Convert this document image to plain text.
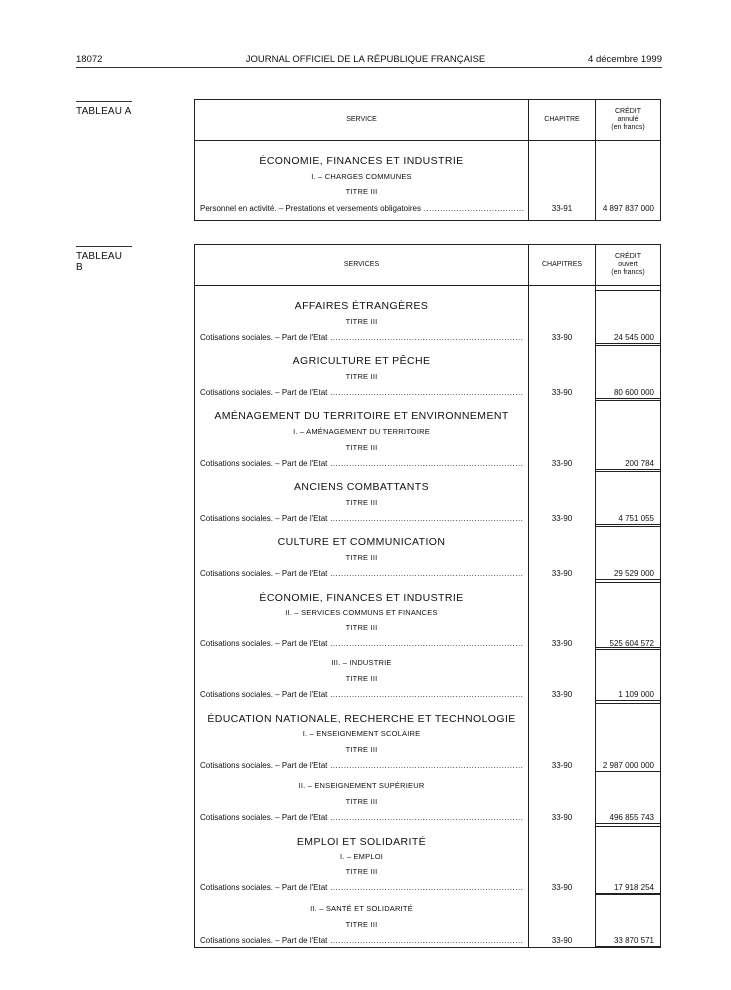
18072	JOURNAL OFFICIEL DE LA RÉPUBLIQUE FRANÇAISE	4 décembre 1999
TABLEAU A
SERVICE	CHAPITRE
CRÉDIT
annulé
(en francs)
ÉCONOMIE, FINANCES ET INDUSTRIE
I. – CHARGES COMMUNES
TITRE III
Personnel en activité. – Prestations et versements obligatoires .....	33-91	4 897 837 000
TABLEAU B	SERVICES	CHAPITRES
CRÉDIT
ouvert
(en francs)
AFFAIRES ÉTRANGÈRES
TITRE III
Cotisations sociales. – Part de l'Etat .....	33-90	24 545 000
AGRICULTURE ET PÊCHE
TITRE III
Cotisations sociales. – Part de l'Etat .....	33-90	80 600 000
AMÉNAGEMENT DU TERRITOIRE ET ENVIRONNEMENT
I. – AMÉNAGEMENT DU TERRITOIRE
TITRE III
Cotisations sociales. – Part de l'Etat .....	33-90	200 784
ANCIENS COMBATTANTS
TITRE III
Cotisations sociales. – Part de l'Etat .....	33-90	4 751 055
CULTURE ET COMMUNICATION
TITRE III
Cotisations sociales. – Part de l'Etat .....	33-90	29 529 000
ÉCONOMIE, FINANCES ET INDUSTRIE
II. – SERVICES COMMUNS ET FINANCES
TITRE III
Cotisations sociales. – Part de l'Etat .....	33-90	525 604 572
III. – INDUSTRIE
TITRE III
Cotisations sociales. – Part de l'Etat .....	33-90	1 109 000
ÉDUCATION NATIONALE, RECHERCHE ET TECHNOLOGIE
I. – ENSEIGNEMENT SCOLAIRE
TITRE III
Cotisations sociales. – Part de l'Etat .....	33-90	2 987 000 000
II. – ENSEIGNEMENT SUPÉRIEUR
TITRE III
Cotisations sociales. – Part de l'Etat .....	33-90	496 855 743
EMPLOI ET SOLIDARITÉ
I. – EMPLOI
TITRE III
Cotisations sociales. – Part de l'Etat .....	33-90	17 918 254
II. – SANTÉ ET SOLIDARITÉ
TITRE III
Cotisations sociales. – Part de l'Etat .....	33-90	33 870 571
